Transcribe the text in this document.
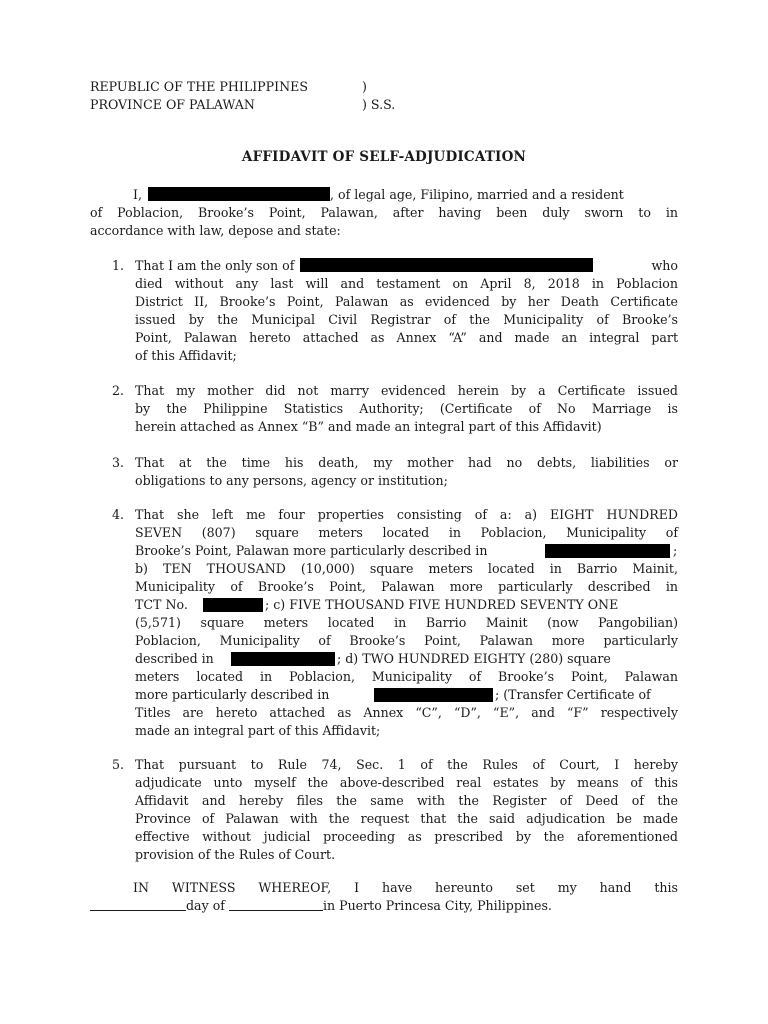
REPUBLIC OF THE PHILIPPINES	)
PROVINCE OF PALAWAN	) S.S.
AFFIDAVIT OF SELF-ADJUDICATION
I,	, of legal age, Filipino, married and a resident
of Poblacion, Brooke’s Point, Palawan, after having been duly sworn to in
accordance with law, depose and state:
1. That I am the only son of	who
died without any last will and testament on April 8, 2018 in Poblacion
District II, Brooke’s Point, Palawan as evidenced by her Death Certificate
issued by the Municipal Civil Registrar of the Municipality of Brooke’s
Point, Palawan hereto attached as Annex “A” and made an integral part
of this Affidavit;
2. That my mother did not marry evidenced herein by a Certificate issued
by the Philippine Statistics Authority; (Certificate of No Marriage is
herein attached as Annex “B” and made an integral part of this Affidavit)
3. That at the time his death, my mother had no debts, liabilities or
obligations to any persons, agency or institution;
4. That she left me four properties consisting of a: a) EIGHT HUNDRED
SEVEN (807) square meters located in Poblacion, Municipality of
Brooke’s Point, Palawan more particularly described in	;
b) TEN THOUSAND (10,000) square meters located in Barrio Mainit,
Municipality of Brooke’s Point, Palawan more particularly described in
TCT No.	; c) FIVE THOUSAND FIVE HUNDRED SEVENTY ONE
(5,571) square meters located in Barrio Mainit (now Pangobilian)
Poblacion, Municipality of Brooke’s Point, Palawan more particularly
described in	; d) TWO HUNDRED EIGHTY (280) square
meters located in Poblacion, Municipality of Brooke’s Point, Palawan
more particularly described in	; (Transfer Certificate of
Titles are hereto attached as Annex “C”, “D”, “E”, and “F” respectively
made an integral part of this Affidavit;
5. That pursuant to Rule 74, Sec. 1 of the Rules of Court, I hereby
adjudicate unto myself the above-described real estates by means of this
Affidavit and hereby files the same with the Register of Deed of the
Province of Palawan with the request that the said adjudication be made
effective without judicial proceeding as prescribed by the aforementioned
provision of the Rules of Court.
IN WITNESS WHEREOF, I have hereunto set my hand this
day of	in Puerto Princesa City, Philippines.
